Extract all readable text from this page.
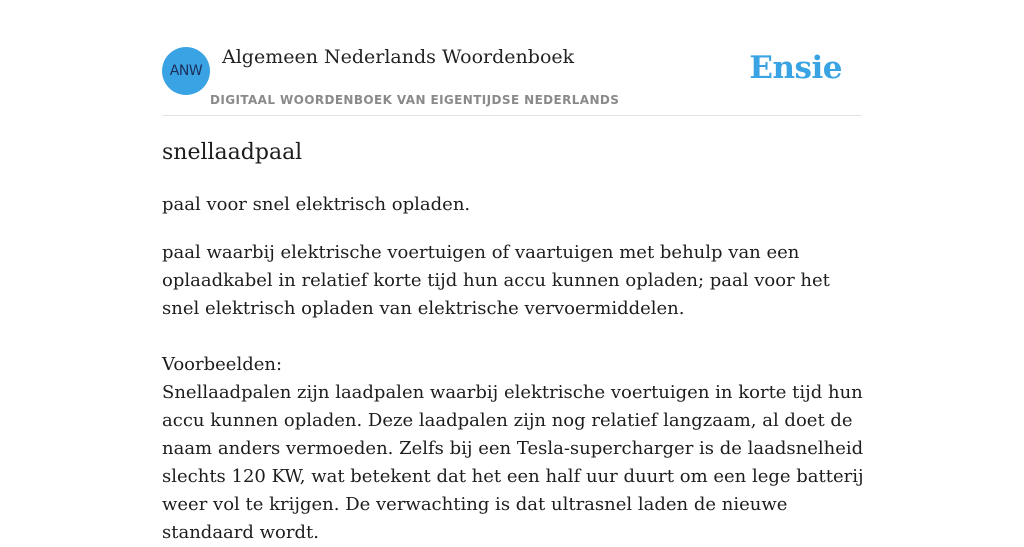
ANW
Algemeen Nederlands Woordenboek
DIGITAAL WOORDENBOEK VAN EIGENTIJDSE NEDERLANDS
Ensie
snellaadpaal
paal voor snel elektrisch opladen.
paal waarbij elektrische voertuigen of vaartuigen met behulp van een oplaadkabel in relatief korte tijd hun accu kunnen opladen; paal voor het snel elektrisch opladen van elektrische vervoermiddelen.
Voorbeelden:
Snellaadpalen zijn laadpalen waarbij elektrische voertuigen in korte tijd hun accu kunnen opladen. Deze laadpalen zijn nog relatief langzaam, al doet de naam anders vermoeden. Zelfs bij een Tesla-supercharger is de laadsnelheid slechts 120 KW, wat betekent dat het een half uur duurt om een lege batterij weer vol te krijgen. De verwachting is dat ultrasnel laden de nieuwe standaard wordt.
